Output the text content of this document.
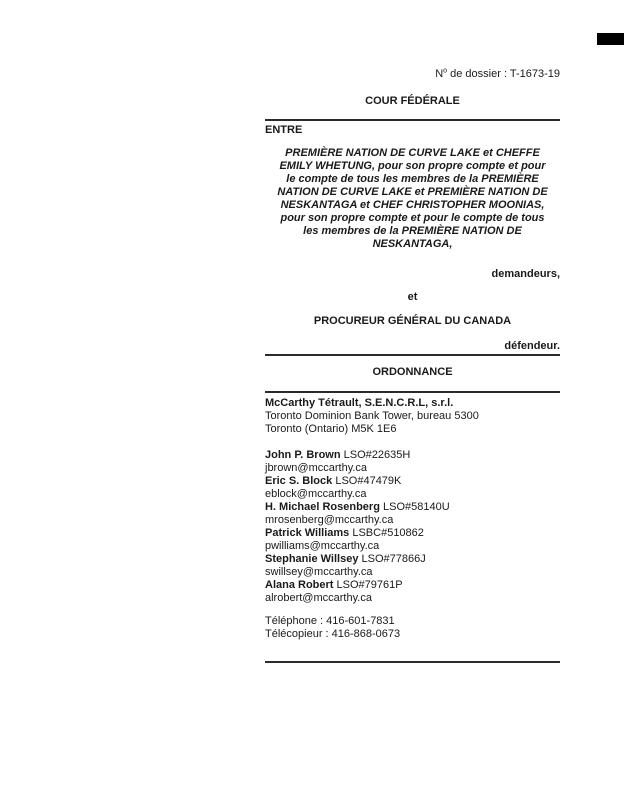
$N^o$ de dossier : T-1673-19
COUR FÉDÉRALE
ENTRE
PREMIÈRE NATION DE CURVE LAKE et CHEFFE
EMILY WHETUNG, pour son propre compte et pour
le compte de tous les membres de la PREMIÈRE
NATION DE CURVE LAKE et PREMIÈRE NATION DE
NESKANTAGA et CHEF CHRISTOPHER MOONIAS,
pour son propre compte et pour le compte de tous
les membres de la PREMIÈRE NATION DE
NESKANTAGA,
demandeurs,
et
PROCUREUR GÉNÉRAL DU CANADA
défendeur.
ORDONNANCE
McCarthy Tétrault, S.E.N.C.R.L, s.r.l.
Toronto Dominion Bank Tower, bureau 5300
Toronto (Ontario) M5K 1E6
John P. Brown LSO#22635H
jbrown@mccarthy.ca
Eric S. Block LSO#47479K
eblock@mccarthy.ca
H. Michael Rosenberg LSO#58140U
mrosenberg@mccarthy.ca
Patrick Williams LSBC#510862
pwilliams@mccarthy.ca
Stephanie Willsey LSO#77866J
swillsey@mccarthy.ca
Alana Robert LSO#79761P
alrobert@mccarthy.ca
Téléphone : 416-601-7831
Télécopieur : 416-868-0673
